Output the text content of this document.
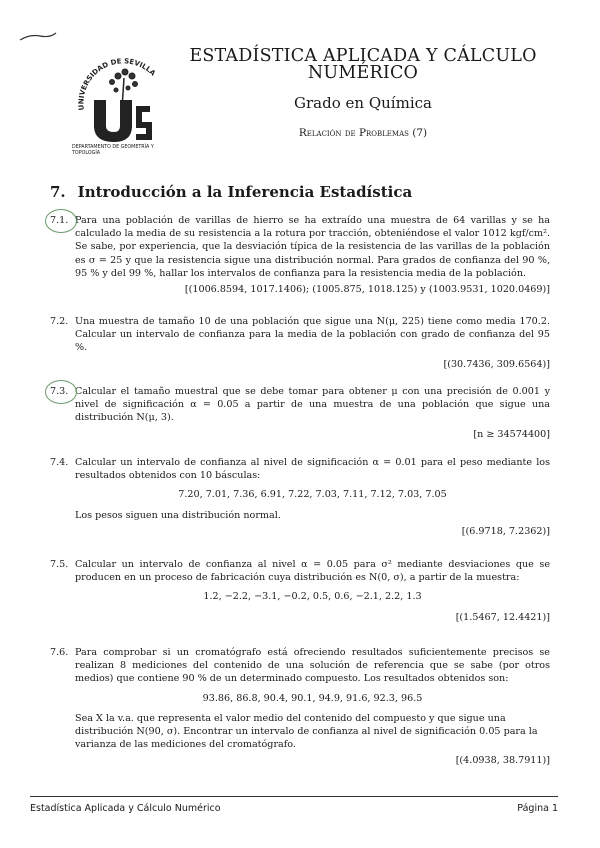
UNIVERSIDAD DE SEVILLA
DEPARTAMENTO DE GEOMETRÍA Y TOPOLOGÍA
ESTADÍSTICA APLICADA Y CÁLCULO NUMÉRICO
Grado en Química
Relación de Problemas (7)
7. Introducción a la Inferencia Estadística
7.1. Para una población de varillas de hierro se ha extraído una muestra de 64 varillas y se ha calculado la media de su resistencia a la rotura por tracción, obteniéndose el valor 1012 kgf/cm². Se sabe, por experiencia, que la desviación típica de la resistencia de las varillas de la población es σ = 25 y que la resistencia sigue una distribución normal. Para grados de confianza del 90 %, 95 % y del 99 %, hallar los intervalos de confianza para la resistencia media de la población.
[(1006.8594, 1017.1406); (1005.875, 1018.125) y (1003.9531, 1020.0469)]
7.2. Una muestra de tamaño 10 de una población que sigue una N(μ, 225) tiene como media 170.2. Calcular un intervalo de confianza para la media de la población con grado de confianza del 95 %.
[(30.7436, 309.6564)]
7.3. Calcular el tamaño muestral que se debe tomar para obtener μ con una precisión de 0.001 y nivel de significación α = 0.05 a partir de una muestra de una población que sigue una distribución N(μ, 3).
[n ≥ 34574400]
7.4. Calcular un intervalo de confianza al nivel de significación α = 0.01 para el peso mediante los resultados obtenidos con 10 básculas:
7.20, 7.01, 7.36, 6.91, 7.22, 7.03, 7.11, 7.12, 7.03, 7.05
Los pesos siguen una distribución normal.
[(6.9718, 7.2362)]
7.5. Calcular un intervalo de confianza al nivel α = 0.05 para σ² mediante desviaciones que se producen en un proceso de fabricación cuya distribución es N(0, σ), a partir de la muestra:
1.2, −2.2, −3.1, −0.2, 0.5, 0.6, −2.1, 2.2, 1.3
[(1.5467, 12.4421)]
7.6. Para comprobar si un cromatógrafo está ofreciendo resultados suficientemente precisos se realizan 8 mediciones del contenido de una solución de referencia que se sabe (por otros medios) que contiene 90 % de un determinado compuesto. Los resultados obtenidos son:
93.86, 86.8, 90.4, 90.1, 94.9, 91.6, 92.3, 96.5
Sea X la v.a. que representa el valor medio del contenido del compuesto y que sigue una distribución N(90, σ). Encontrar un intervalo de confianza al nivel de significación 0.05 para la varianza de las mediciones del cromatógrafo.
[(4.0938, 38.7911)]
Estadística Aplicada y Cálculo Numérico	Página 1
